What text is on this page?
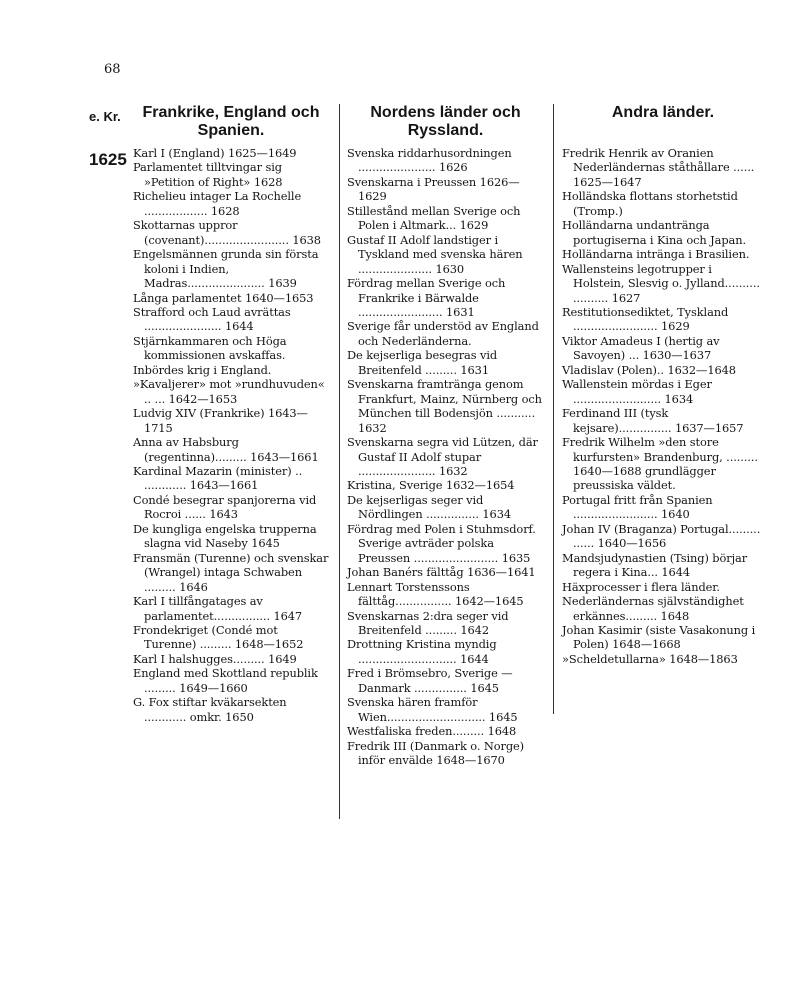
68
e. Kr.
1625
Frankrike, England och
Spanien.
Karl I (England) 1625—1649
Parlamentet tilltvingar sig »Petition of Right» 1628
Richelieu intager La Rochelle .................. 1628
Skottarnas uppror (covenant)........................ 1638
Engelsmännen grunda sin första koloni i Indien, Madras...................... 1639
Långa parlamentet 1640—1653
Strafford och Laud avrättas ...................... 1644
Stjärnkammaren och Höga kommissionen avskaffas.
Inbördes krig i England.
»Kavaljerer» mot »rundhuvuden« .. ... 1642—1653
Ludvig XIV (Frankrike) 1643—1715
Anna av Habsburg (regentinna)......... 1643—1661
Kardinal Mazarin (minister) .. ............ 1643—1661
Condé besegrar spanjorerna vid Rocroi ...... 1643
De kungliga engelska trupperna slagna vid Naseby 1645
Fransmän (Turenne) och svenskar (Wrangel) intaga Schwaben ......... 1646
Karl I tillfångatages av parlamentet................ 1647
Frondekriget (Condé mot Turenne) ......... 1648—1652
Karl I halshugges......... 1649
England med Skottland republik ......... 1649—1660
G. Fox stiftar kväkarsekten ............ omkr. 1650
Nordens länder och
Ryssland.
Svenska riddarhusordningen ...................... 1626
Svenskarna i Preussen 1626—1629
Stillestånd mellan Sverige och Polen i Altmark... 1629
Gustaf II Adolf landstiger i Tyskland med svenska hären ..................... 1630
Fördrag mellan Sverige och Frankrike i Bärwalde ........................ 1631
Sverige får understöd av England och Nederländerna.
De kejserliga besegras vid Breitenfeld ......... 1631
Svenskarna framtränga genom Frankfurt, Mainz, Nürnberg och München till Bodensjön ........... 1632
Svenskarna segra vid Lützen, där Gustaf II Adolf stupar ...................... 1632
Kristina, Sverige 1632—1654
De kejserligas seger vid Nördlingen ............... 1634
Fördrag med Polen i Stuhmsdorf. Sverige avträder polska Preussen ........................ 1635
Johan Banérs fälttåg 1636—1641
Lennart Torstenssons fälttåg................ 1642—1645
Svenskarnas 2:dra seger vid Breitenfeld ......... 1642
Drottning Kristina myndig ............................ 1644
Fred i Brömsebro, Sverige —Danmark ............... 1645
Svenska hären framför Wien............................ 1645
Westfaliska freden......... 1648
Fredrik III (Danmark o. Norge) inför envälde 1648—1670
Andra länder.
Fredrik Henrik av Oranien Nederländernas ståthållare ...... 1625—1647
Holländska flottans storhetstid (Tromp.)
Holländarna undantränga portugiserna i Kina och Japan.
Holländarna intränga i Brasilien.
Wallensteins legotrupper i Holstein, Slesvig o. Jylland.......... .......... 1627
Restitutionsediktet, Tyskland ........................ 1629
Viktor Amadeus I (hertig av Savoyen) ... 1630—1637
Vladislav (Polen).. 1632—1648
Wallenstein mördas i Eger ......................... 1634
Ferdinand III (tysk kejsare)............... 1637—1657
Fredrik Wilhelm »den store kurfursten» Brandenburg, ......... 1640—1688 grundlägger preussiska väldet.
Portugal fritt från Spanien ........................ 1640
Johan IV (Braganza) Portugal......... ...... 1640—1656
Mandsjudynastien (Tsing) börjar regera i Kina... 1644
Häxprocesser i flera länder.
Nederländernas självständighet erkännes......... 1648
Johan Kasimir (siste Vasakonung i Polen) 1648—1668
»Scheldetullarna» 1648—1863
